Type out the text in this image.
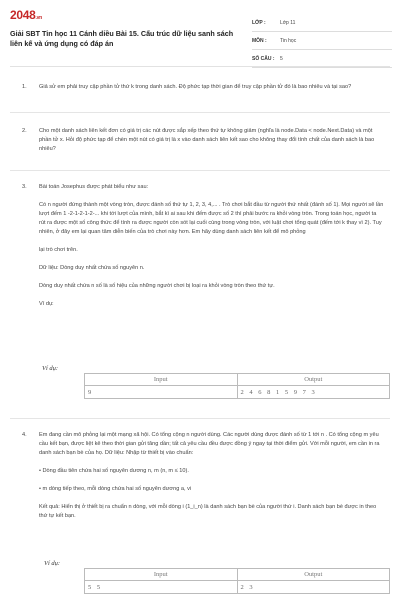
2048.vn
Giải SBT Tin học 11 Cánh diều Bài 15. Cấu trúc dữ liệu sanh sách liên kế và ứng dụng có đáp án
LỚP :	Lớp 11
MÔN :	Tin học
SỐ CÂU :	5
1. Giả sử em phải truy cập phần tử thứ k trong danh sách. Độ phức tạp thời gian để truy cập phần tử đó là bao nhiêu và tại sao?

2. Cho một danh sách liên kết đơn có giá trị các nút được sắp xếp theo thứ tự không giảm (nghĩa là node.Data < node.Next.Data) và một phần tử x. Hỏi độ phức tạp để chèn một nút có giá trị là x vào danh sách liên kết sao cho không thay đổi tính chất của danh sách là bao nhiêu?

3. Bài toán Josephus được phát biểu như sau:

Có n người đứng thành một vòng tròn, được đánh số thứ tự 1, 2, 3, 4,... . Trò chơi bắt đầu từ người thứ nhất (đánh số 1). Mọi người sẽ lần lượt đếm 1 -2-1-2-1-2-... khi tới lượt của mình, bắt kì ai sau khi đếm được số 2 thì phải bước ra khỏi vòng tròn. Trong toán học, người ta rút ra được một số công thức để tính ra được người còn sót lại cuối cùng trong vòng tròn, với luật chơi tổng quát (đếm tới k thay vì 2). Tuy nhiên, ở đây em lại quan tâm diễn biến của trò chơi này hơn. Em hãy dùng danh sách liên kết để mô phỏng

lại trò chơi trên.

Dữ liệu: Dòng duy nhất chứa số nguyên n.

Dòng duy nhất chứa n số là số hiệu của những người chơi bị loại ra khỏi vòng tròn theo thứ tự.

Ví dụ:

Ví dụ:
Input	Output
9	2 4 6 8 1 5 9 7 3
4. Em đang cần mô phỏng lại một mạng xã hội. Có tổng cộng n người dùng. Các người dùng được đánh số từ 1 tới n . Có tổng cộng m yêu cầu kết bạn, được liệt kê theo thời gian gửi tăng dần; tất cả yêu cầu đều được đồng ý ngay tại thời điểm gửi. Với mỗi người, em cần in ra danh sách bạn bè của họ. Dữ liệu: Nhập từ thiết bị vào chuẩn:

• Dòng đầu tiên chứa hai số nguyên dương n, m (n, m ≤ 10).

• m dòng tiếp theo, mỗi dòng chứa hai số nguyên dương a, vi

Kết quả: Hiển thị ở thiết bị ra chuẩn n dòng, với mỗi dòng i (1_i_n) là danh sách bạn bè của người thứ i. Danh sách bạn bè được in theo thứ tự kết bạn.

Ví dụ:
Input	Output
5 5	2 3
